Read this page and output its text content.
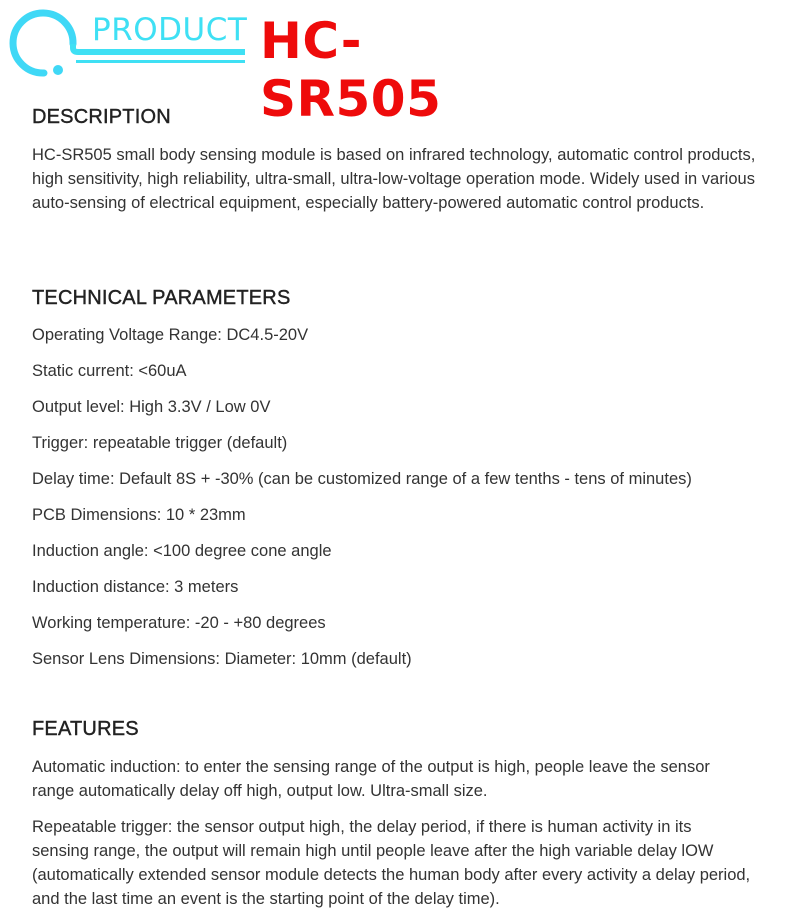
PRODUCT HC-SR505
DESCRIPTION

HC-SR505 small body sensing module is based on infrared technology, automatic control products, high sensitivity, high reliability, ultra-small, ultra-low-voltage operation mode. Widely used in various auto-sensing of electrical equipment, especially battery-powered automatic control products.

TECHNICAL PARAMETERS

Operating Voltage Range: DC4.5-20V

Static current: <60uA

Output level: High 3.3V / Low 0V

Trigger: repeatable trigger (default)

Delay time: Default 8S + -30% (can be customized range of a few tenths - tens of minutes)

PCB Dimensions: 10 * 23mm

Induction angle: <100 degree cone angle

Induction distance: 3 meters

Working temperature: -20 - +80 degrees

Sensor Lens Dimensions: Diameter: 10mm (default)

FEATURES

Automatic induction: to enter the sensing range of the output is high, people leave the sensor range automatically delay off high, output low. Ultra-small size.

Repeatable trigger: the sensor output high, the delay period, if there is human activity in its sensing range, the output will remain high until people leave after the high variable delay lOW (automatically extended sensor module detects the human body after every activity a delay period, and the last time an event is the starting point of the delay time).
